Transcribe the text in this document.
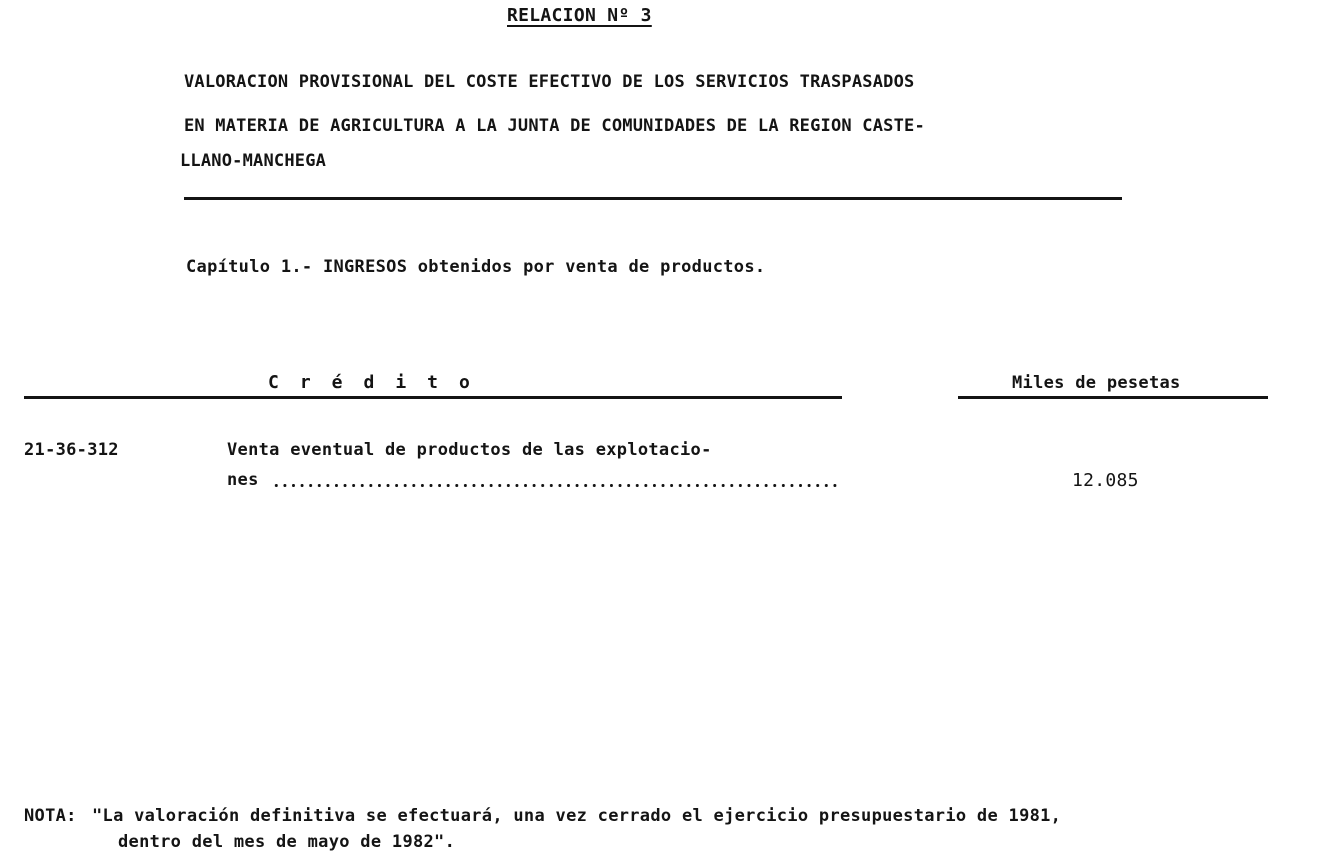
RELACION Nº 3
VALORACION PROVISIONAL DEL COSTE EFECTIVO DE LOS SERVICIOS TRASPASADOS
EN MATERIA DE AGRICULTURA A LA JUNTA DE COMUNIDADES DE LA REGION CASTE-
LLANO-MANCHEGA
Capítulo 1.- INGRESOS obtenidos por venta de productos.
Crédito	Miles de pesetas
21-36-312	Venta eventual de productos de las explotacio-
nes	12.085
NOTA: "La valoración definitiva se efectuará, una vez cerrado el ejercicio presupuestario de 1981,
dentro del mes de mayo de 1982".
